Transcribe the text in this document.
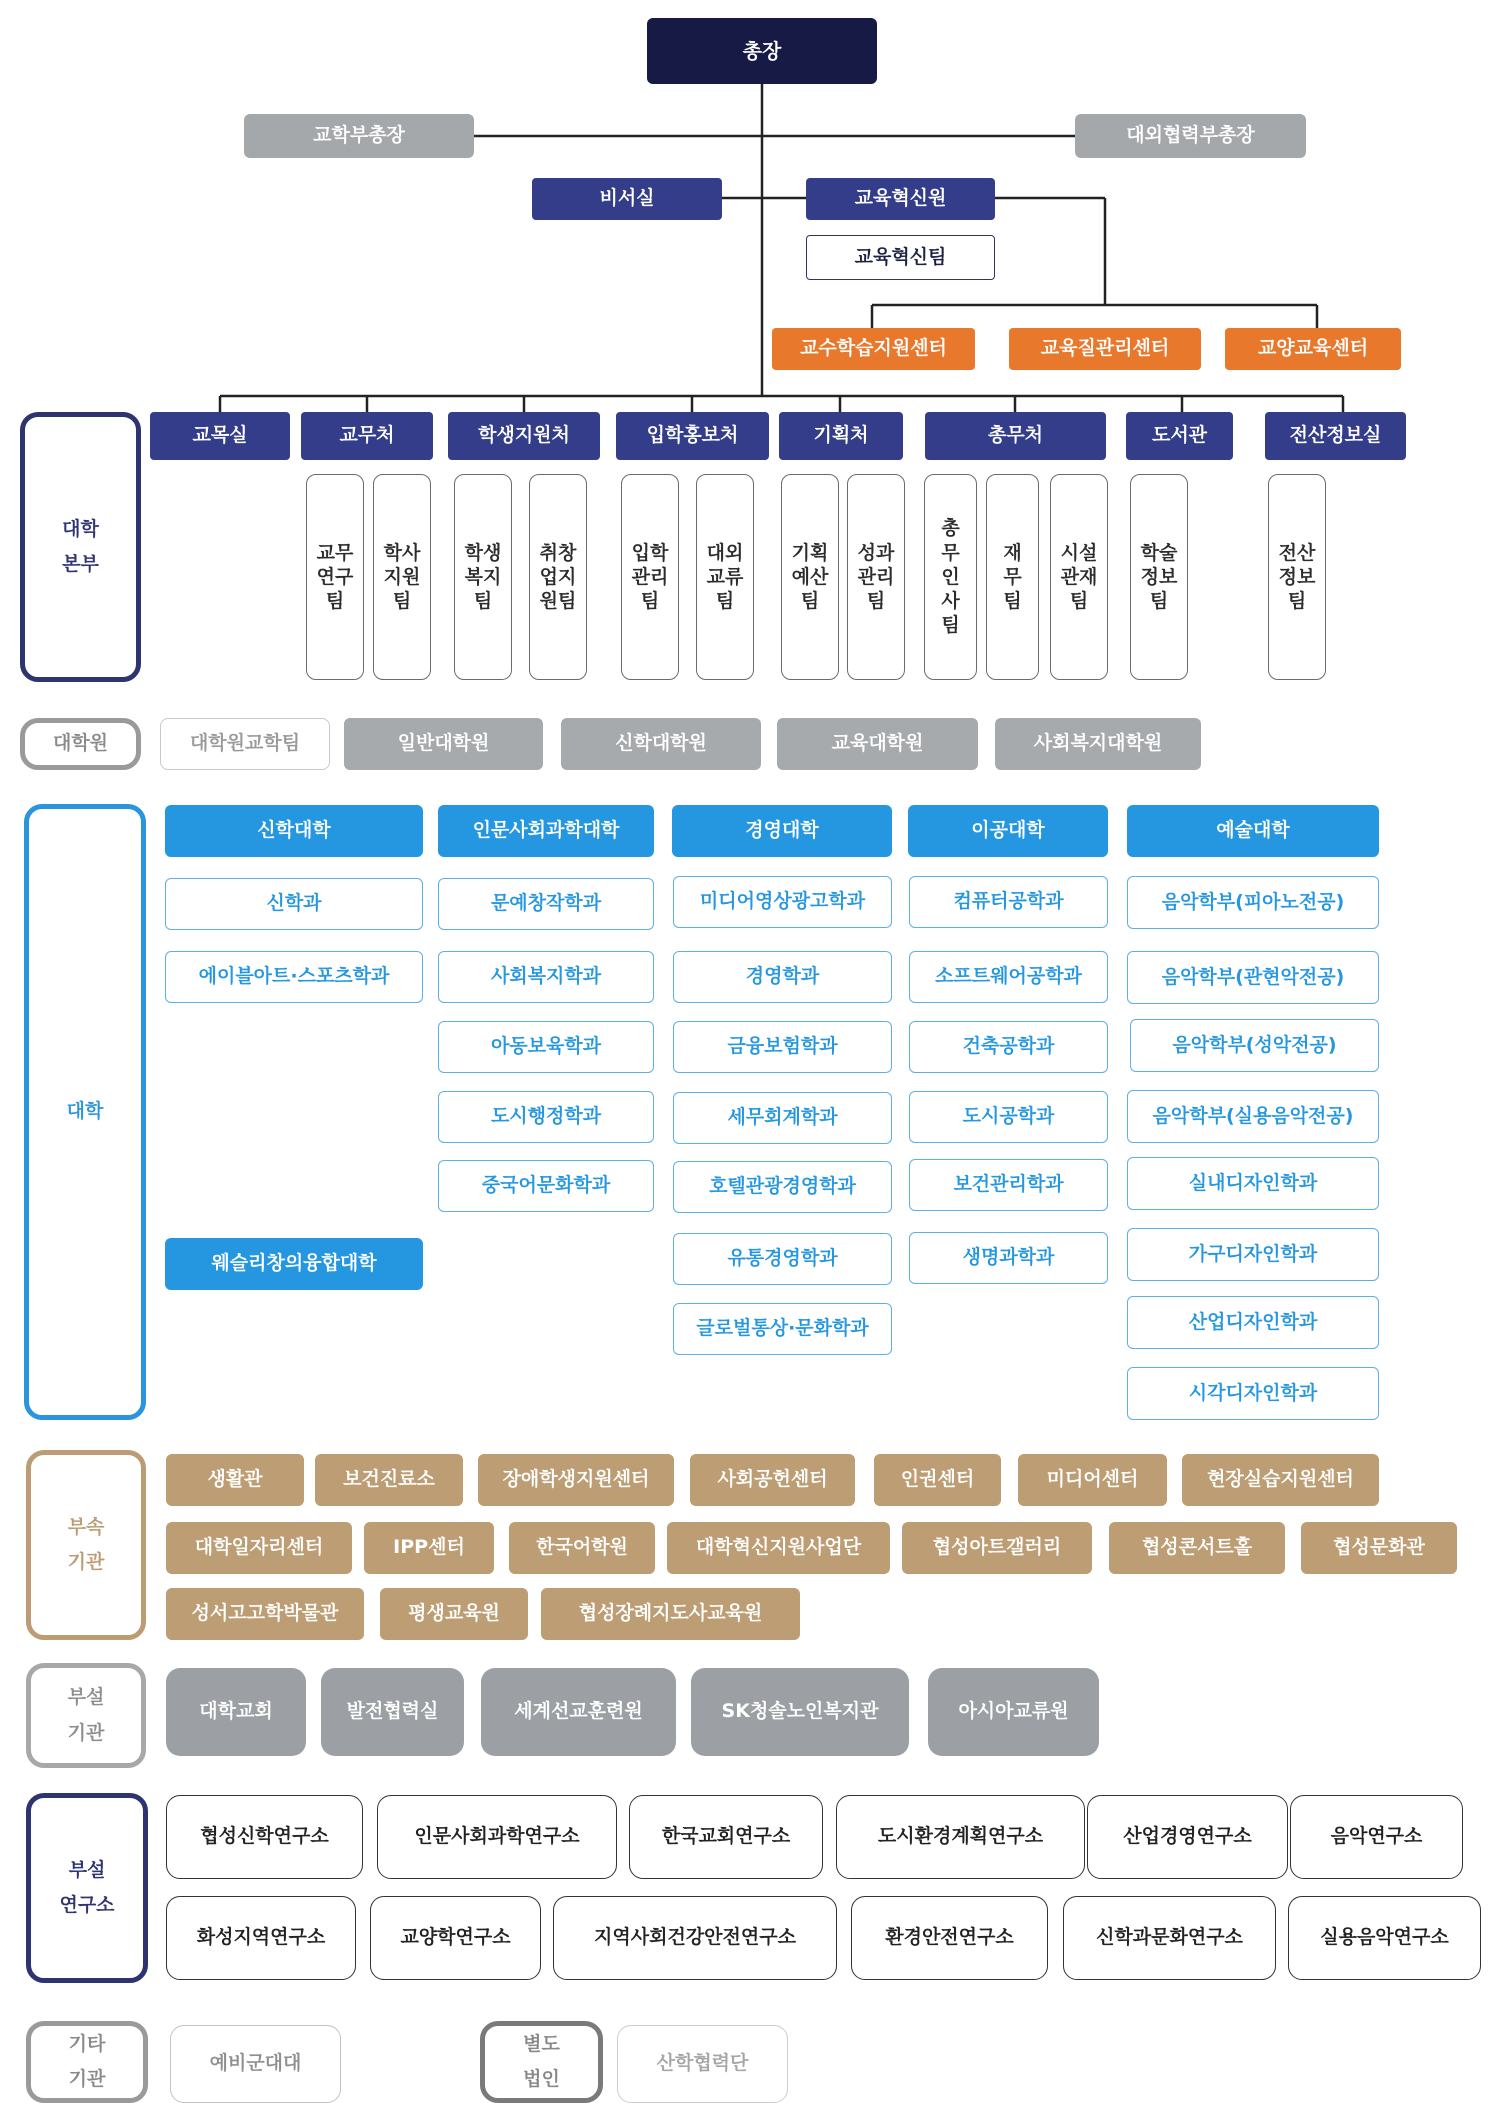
총장
교학부총장	대외협력부총장
비서실	교육혁신원
교육혁신팀
교수학습지원센터	교육질관리센터	교양교육센터
대학
본부
대학원
대학
부속
기관
부설
기관
부설
연구소
기타
기관
별도
법인
교목실	교무처	학생지원처	입학홍보처	기획처	총무처	도서관	전산정보실
교무연구팀
학사지원팀
학생복지팀
취창업지원팀
입학관리팀
대외교류팀
기획예산팀
성과관리팀
총무인사팀
재무팀
시설관재팀
학술정보팀
전산정보팀
대학원교학팀	일반대학원	신학대학원	교육대학원	사회복지대학원
신학대학	인문사회과학대학	경영대학	이공대학	예술대학
신학과
에이블아트·스포츠학과
문예창작학과
사회복지학과
아동보육학과
도시행정학과
중국어문화학과
미디어영상광고학과
경영학과
금융보험학과
세무회계학과
호텔관광경영학과
유통경영학과
글로벌통상·문화학과
컴퓨터공학과
소프트웨어공학과
건축공학과
도시공학과
보건관리학과
생명과학과
음악학부(피아노전공)
음악학부(관현악전공)
음악학부(성악전공)
음악학부(실용음악전공)
실내디자인학과
가구디자인학과
산업디자인학과
시각디자인학과
웨슬리창의융합대학
생활관	보건진료소	장애학생지원센터	사회공헌센터	인권센터	미디어센터	현장실습지원센터
대학일자리센터	IPP센터	한국어학원	대학혁신지원사업단	협성아트갤러리	협성콘서트홀	협성문화관
성서고고학박물관	평생교육원	협성장례지도사교육원
대학교회	발전협력실	세계선교훈련원	SK청솔노인복지관	아시아교류원
협성신학연구소	인문사회과학연구소	한국교회연구소	도시환경계획연구소	산업경영연구소	음악연구소
화성지역연구소	교양학연구소	지역사회건강안전연구소	환경안전연구소	신학과문화연구소	실용음악연구소
예비군대대	산학협력단
